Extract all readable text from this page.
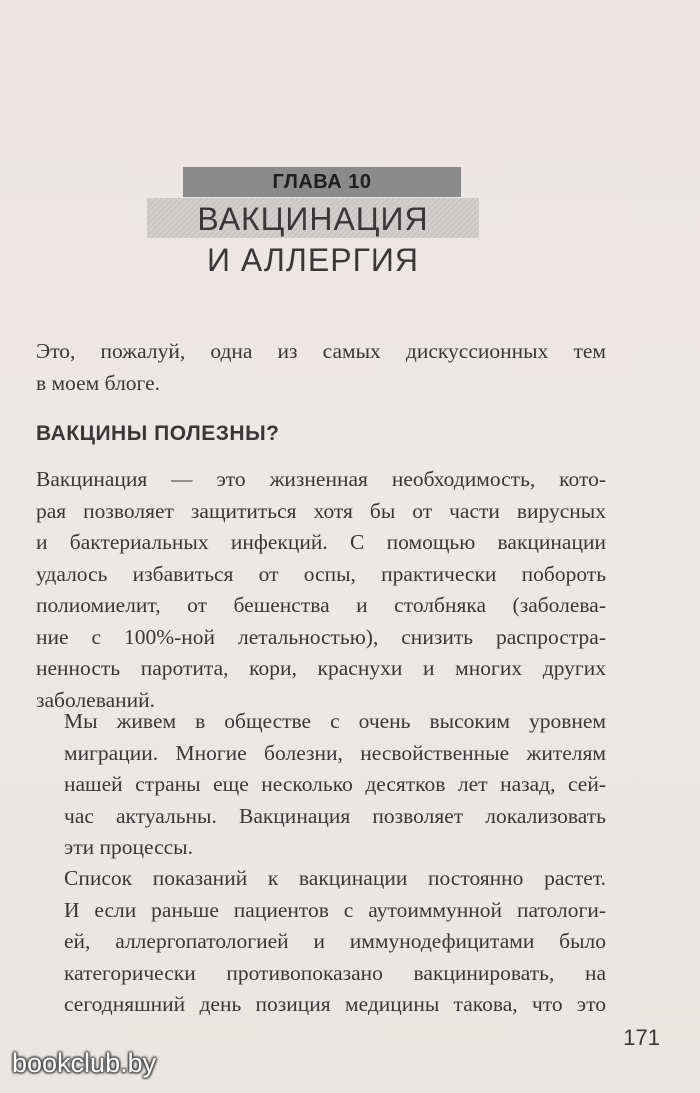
ГЛАВА 10
ВАКЦИНАЦИЯ
И АЛЛЕРГИЯ
Это, пожалуй, одна из самых дискуссионных тем
в моем блоге.
ВАКЦИНЫ ПОЛЕЗНЫ?
Вакцинация — это жизненная необходимость, кото-
рая позволяет защититься хотя бы от части вирусных
и бактериальных инфекций. С помощью вакцинации
удалось избавиться от оспы, практически побороть
полиомиелит, от бешенства и столбняка (заболева-
ние с 100%-ной летальностью), снизить распростра-
ненность паротита, кори, краснухи и многих других
заболеваний.
Мы живем в обществе с очень высоким уровнем
миграции. Многие болезни, несвойственные жителям
нашей страны еще несколько десятков лет назад, сей-
час актуальны. Вакцинация позволяет локализовать
эти процессы.
Список показаний к вакцинации постоянно растет.
И если раньше пациентов с аутоиммунной патологи-
ей, аллергопатологией и иммунодефицитами было
категорически противопоказано вакцинировать, на
сегодняшний день позиция медицины такова, что это
171
bookclub.by
